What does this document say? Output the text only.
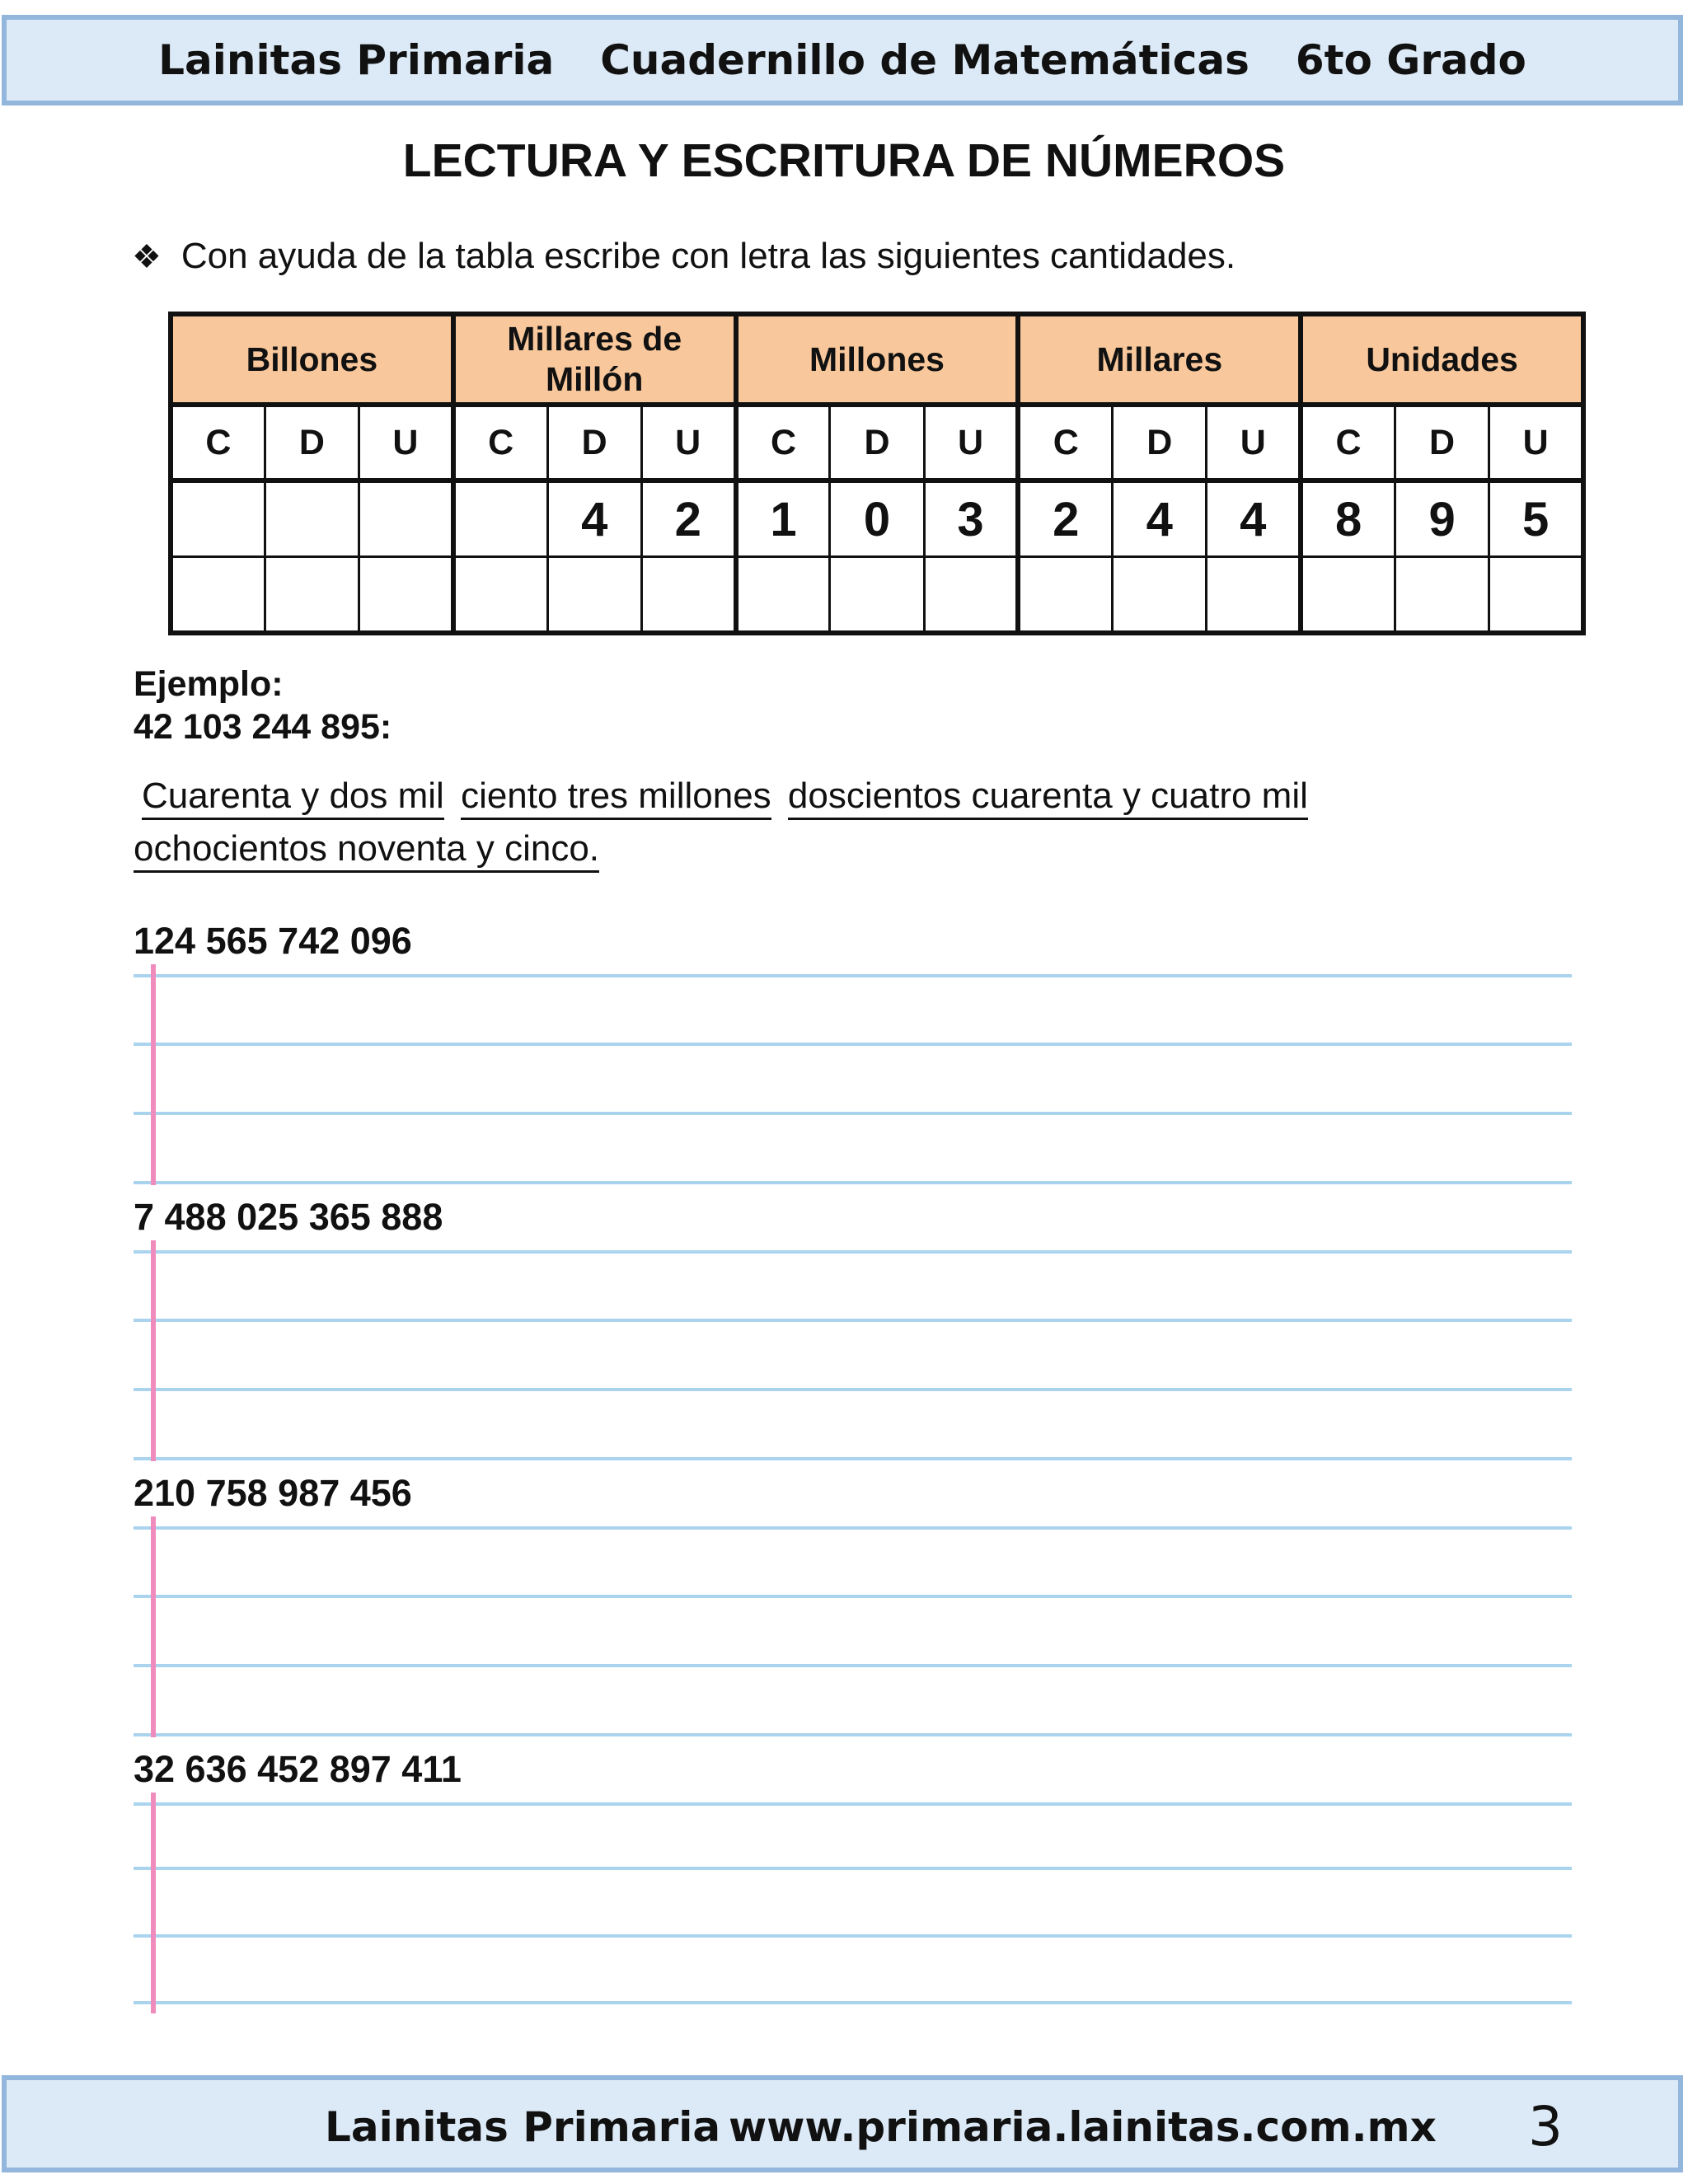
Lainitas Primaria Cuadernillo de Matemáticas 6to Grado
LECTURA Y ESCRITURA DE NÚMEROS
❖ Con ayuda de la tabla escribe con letra las siguientes cantidades.
Billones			Millares de Millón			Millones			Millares			Unidades		
C	D	U	C	D	U	C	D	U	C	D	U	C	D	U
				4	2	1	0	3	2	4	4	8	9	5

Ejemplo:
42 103 244 895:
Cuarenta y dos mil ciento tres millones doscientos cuarenta y cuatro mil
ochocientos noventa y cinco.
124 565 742 096
7 488 025 365 888
210 758 987 456
32 636 452 897 411
Lainitas Primaria www.primaria.lainitas.com.mx 3
